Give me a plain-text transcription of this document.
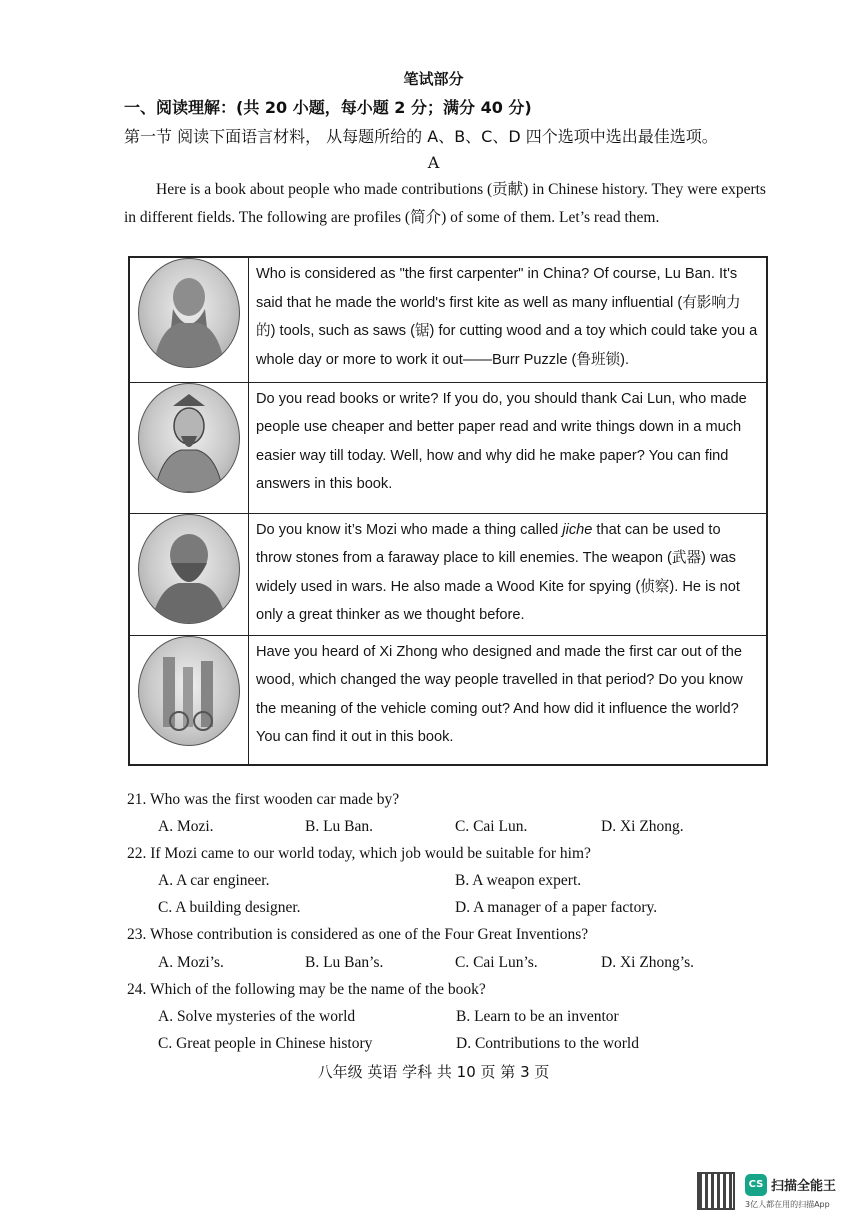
笔试部分
一、阅读理解：(共 20 小题，每小题 2 分；满分 40 分)
第一节 阅读下面语言材料， 从每题所给的 A、B、C、D 四个选项中选出最佳选项。
A
Here is a book about people who made contributions (贡献) in Chinese history. They were experts in different fields. The following are profiles (简介) of some of them. Let’s read them.
	Who is considered as "the first carpenter" in China? Of course, Lu Ban. It's said that he made the world's first kite as well as many influential (有影响力的) tools, such as saws (锯) for cutting wood and a toy which could take you a whole day or more to work it out——Burr Puzzle (鲁班锁).

	Do you read books or write? If you do, you should thank Cai Lun, who made people use cheaper and better paper read and write things down in a much easier way till today. Well, how and why did he make paper? You can find answers in this book.

	Do you know it’s Mozi who made a thing called jiche that can be used to throw stones from a faraway place to kill enemies. The weapon (武器) was widely used in wars. He also made a Wood Kite for spying (侦察). He is not only a great thinker as we thought before.

	Have you heard of Xi Zhong who designed and made the first car out of the wood, which changed the way people travelled in that period? Do you know the meaning of the vehicle coming out? And how did it influence the world? You can find it out in this book.
21. Who was the first wooden car made by?
A. Mozi.	B. Lu Ban.	C. Cai Lun.	D. Xi Zhong.
22. If Mozi came to our world today, which job would be suitable for him?
A. A car engineer.	B. A weapon expert.
C. A building designer.	D. A manager of a paper factory.
23. Whose contribution is considered as one of the Four Great Inventions?
A. Mozi’s.	B. Lu Ban’s.	C. Cai Lun’s.	D. Xi Zhong’s.
24. Which of the following may be the name of the book?
A. Solve mysteries of the world	B. Learn to be an inventor
C. Great people in Chinese history	D. Contributions to the world
八年级 英语 学科 共 10 页 第 3 页
CS 扫描全能王
3亿人都在用的扫描App
